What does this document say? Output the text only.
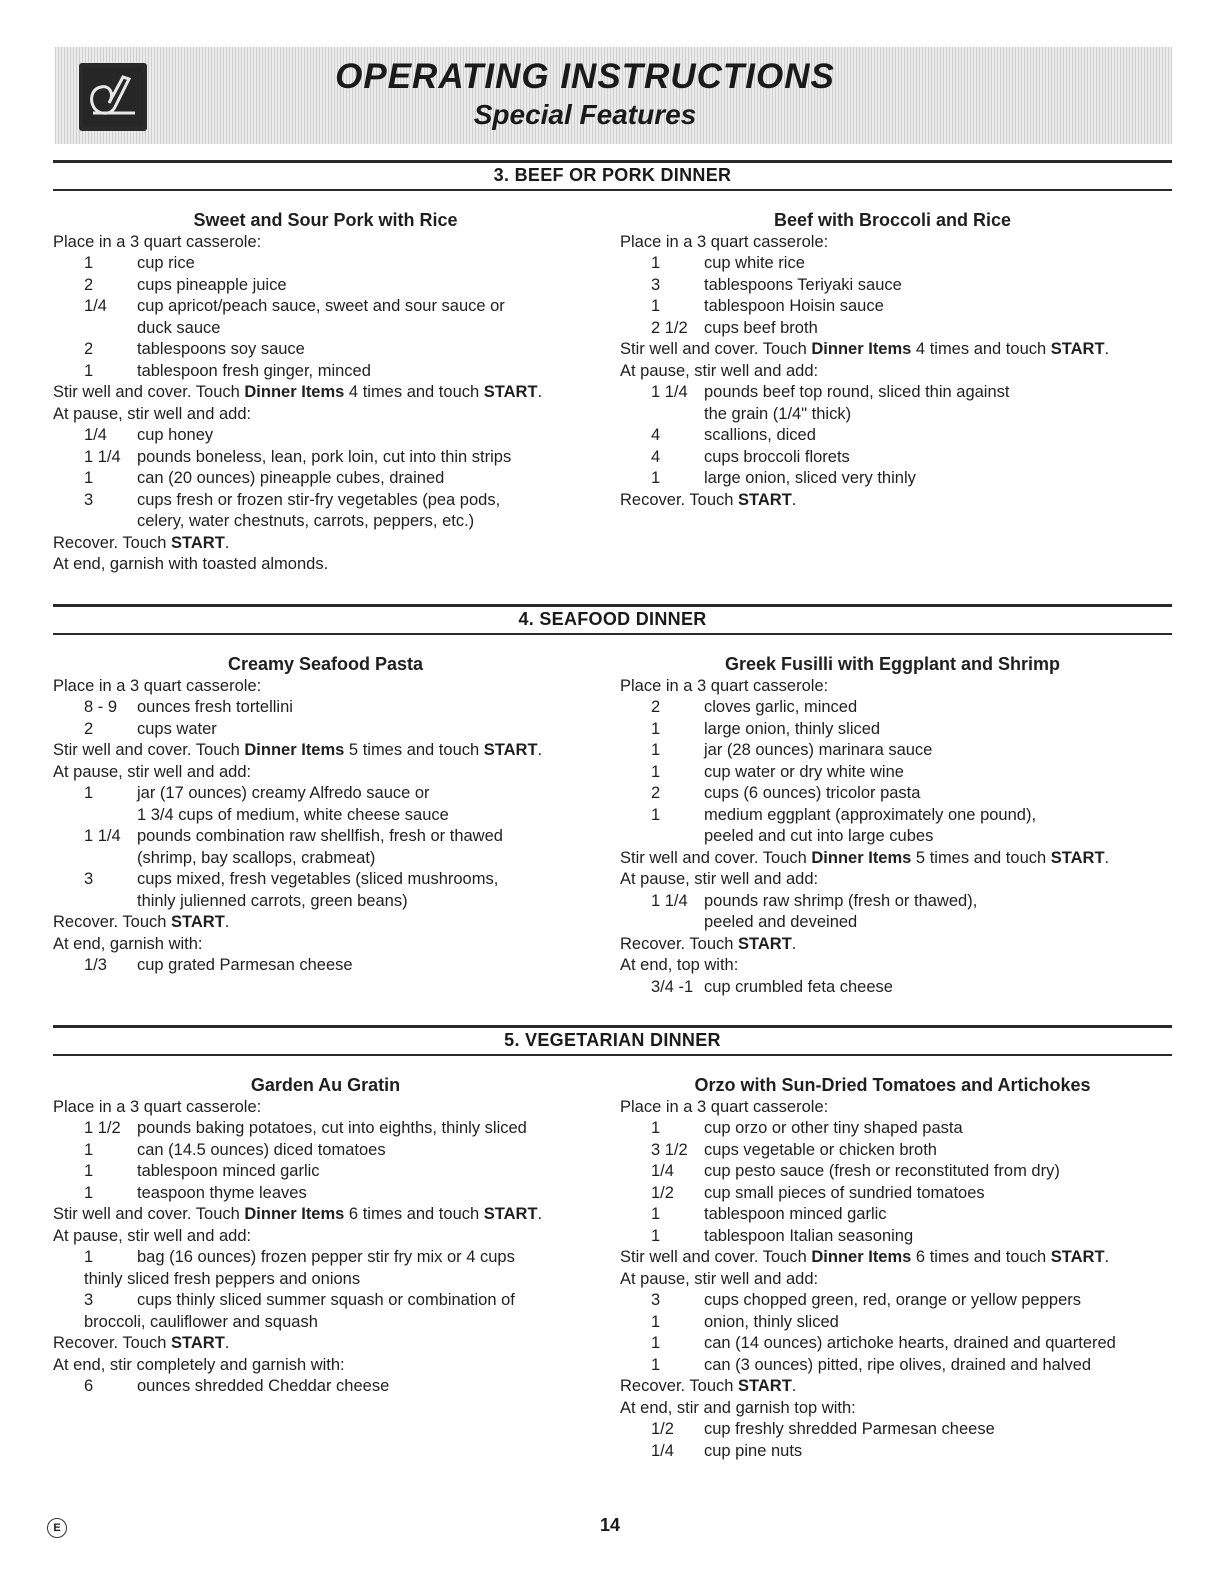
OPERATING INSTRUCTIONS
Special Features
3. BEEF OR PORK DINNER
Sweet and Sour Pork with Rice
Place in a 3 quart casserole:
1	cup rice
2	cups pineapple juice
1/4	cup apricot/peach sauce, sweet and sour sauce or
duck sauce
2	tablespoons soy sauce
1	tablespoon fresh ginger, minced
Stir well and cover. Touch Dinner Items 4 times and touch START.
At pause, stir well and add:
1/4	cup honey
1 1/4 pounds boneless, lean, pork loin, cut into thin strips
1	can (20 ounces) pineapple cubes, drained
3	cups fresh or frozen stir-fry vegetables (pea pods,
celery, water chestnuts, carrots, peppers, etc.)
Recover. Touch START.
At end, garnish with toasted almonds.
Beef with Broccoli and Rice
Place in a 3 quart casserole:
1	cup white rice
3	tablespoons Teriyaki sauce
1	tablespoon Hoisin sauce
2 1/2 cups beef broth
Stir well and cover. Touch Dinner Items 4 times and touch START.
At pause, stir well and add:
1 1/4 pounds beef top round, sliced thin against
the grain (1/4" thick)
4	scallions, diced
4	cups broccoli florets
1	large onion, sliced very thinly
Recover. Touch START.
4. SEAFOOD DINNER
Creamy Seafood Pasta
Place in a 3 quart casserole:
8 - 9	ounces fresh tortellini
2	cups water
Stir well and cover. Touch Dinner Items 5 times and touch START.
At pause, stir well and add:
1	jar (17 ounces) creamy Alfredo sauce or
1 3/4 cups of medium, white cheese sauce
1 1/4 pounds combination raw shellfish, fresh or thawed
(shrimp, bay scallops, crabmeat)
3	cups mixed, fresh vegetables (sliced mushrooms,
thinly julienned carrots, green beans)
Recover. Touch START.
At end, garnish with:
1/3	cup grated Parmesan cheese
Greek Fusilli with Eggplant and Shrimp
Place in a 3 quart casserole:
2	cloves garlic, minced
1	large onion, thinly sliced
1	jar (28 ounces) marinara sauce
1	cup water or dry white wine
2	cups (6 ounces) tricolor pasta
1	medium eggplant (approximately one pound),
peeled and cut into large cubes
Stir well and cover. Touch Dinner Items 5 times and touch START.
At pause, stir well and add:
1 1/4 pounds raw shrimp (fresh or thawed),
peeled and deveined
Recover. Touch START.
At end, top with:
3/4 -1 cup crumbled feta cheese
5. VEGETARIAN DINNER
Garden Au Gratin
Place in a 3 quart casserole:
1 1/2 pounds baking potatoes, cut into eighths, thinly sliced
1	can (14.5 ounces) diced tomatoes
1	tablespoon minced garlic
1	teaspoon thyme leaves
Stir well and cover. Touch Dinner Items 6 times and touch START.
At pause, stir well and add:
1	bag (16 ounces) frozen pepper stir fry mix or 4 cups
thinly sliced fresh peppers and onions
3	cups thinly sliced summer squash or combination of
broccoli, cauliflower and squash
Recover. Touch START.
At end, stir completely and garnish with:
6	ounces shredded Cheddar cheese
Orzo with Sun-Dried Tomatoes and Artichokes
Place in a 3 quart casserole:
1	cup orzo or other tiny shaped pasta
3 1/2 cups vegetable or chicken broth
1/4	cup pesto sauce (fresh or reconstituted from dry)
1/2	cup small pieces of sundried tomatoes
1	tablespoon minced garlic
1	tablespoon Italian seasoning
Stir well and cover. Touch Dinner Items 6 times and touch START.
At pause, stir well and add:
3	cups chopped green, red, orange or yellow peppers
1	onion, thinly sliced
1	can (14 ounces) artichoke hearts, drained and quartered
1	can (3 ounces) pitted, ripe olives, drained and halved
Recover. Touch START.
At end, stir and garnish top with:
1/2	cup freshly shredded Parmesan cheese
1/4	cup pine nuts
E	14
